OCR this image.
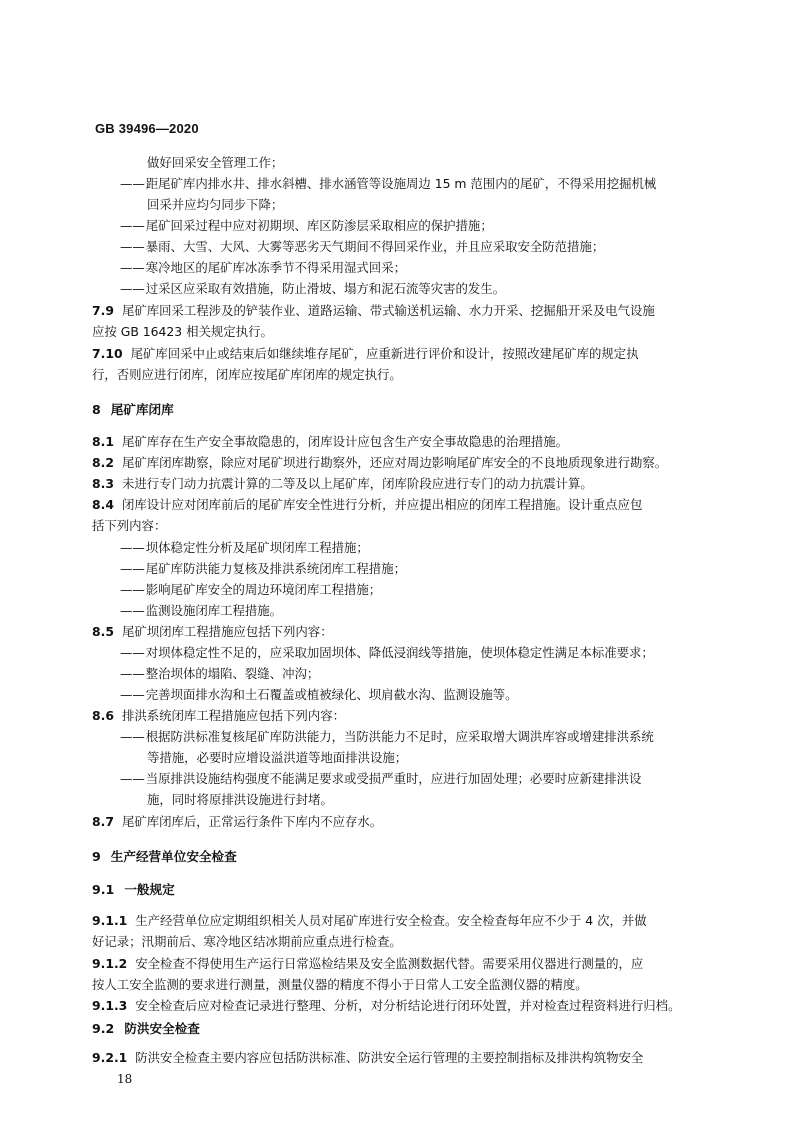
GB 39496—2020
做好回采安全管理工作；
——距尾矿库内排水井、排水斜槽、排水涵管等设施周边 15 m 范围内的尾矿，不得采用挖掘机械
回采并应均匀同步下降；
——尾矿回采过程中应对初期坝、库区防渗层采取相应的保护措施；
——暴雨、大雪、大风、大雾等恶劣天气期间不得回采作业，并且应采取安全防范措施；
——寒冷地区的尾矿库冰冻季节不得采用湿式回采；
——过采区应采取有效措施，防止滑坡、塌方和泥石流等灾害的发生。
7.9 尾矿库回采工程涉及的铲装作业、道路运输、带式输送机运输、水力开采、挖掘船开采及电气设施
应按 GB 16423 相关规定执行。
7.10 尾矿库回采中止或结束后如继续堆存尾矿，应重新进行评价和设计，按照改建尾矿库的规定执
行，否则应进行闭库，闭库应按尾矿库闭库的规定执行。
8 尾矿库闭库
8.1 尾矿库存在生产安全事故隐患的，闭库设计应包含生产安全事故隐患的治理措施。
8.2 尾矿库闭库勘察，除应对尾矿坝进行勘察外，还应对周边影响尾矿库安全的不良地质现象进行勘察。
8.3 未进行专门动力抗震计算的二等及以上尾矿库，闭库阶段应进行专门的动力抗震计算。
8.4 闭库设计应对闭库前后的尾矿库安全性进行分析，并应提出相应的闭库工程措施。设计重点应包
括下列内容：
——坝体稳定性分析及尾矿坝闭库工程措施；
——尾矿库防洪能力复核及排洪系统闭库工程措施；
——影响尾矿库安全的周边环境闭库工程措施；
——监测设施闭库工程措施。
8.5 尾矿坝闭库工程措施应包括下列内容：
——对坝体稳定性不足的，应采取加固坝体、降低浸润线等措施，使坝体稳定性满足本标准要求；
——整治坝体的塌陷、裂缝、冲沟；
——完善坝面排水沟和土石覆盖或植被绿化、坝肩截水沟、监测设施等。
8.6 排洪系统闭库工程措施应包括下列内容：
——根据防洪标准复核尾矿库防洪能力，当防洪能力不足时，应采取增大调洪库容或增建排洪系统
等措施，必要时应增设溢洪道等地面排洪设施；
——当原排洪设施结构强度不能满足要求或受损严重时，应进行加固处理；必要时应新建排洪设
施，同时将原排洪设施进行封堵。
8.7 尾矿库闭库后，正常运行条件下库内不应存水。
9 生产经营单位安全检查
9.1 一般规定
9.1.1 生产经营单位应定期组织相关人员对尾矿库进行安全检查。安全检查每年应不少于 4 次，并做
好记录；汛期前后、寒冷地区结冰期前应重点进行检查。
9.1.2 安全检查不得使用生产运行日常巡检结果及安全监测数据代替。需要采用仪器进行测量的，应
按人工安全监测的要求进行测量，测量仪器的精度不得小于日常人工安全监测仪器的精度。
9.1.3 安全检查后应对检查记录进行整理、分析，对分析结论进行闭环处置，并对检查过程资料进行归档。
18
9.2 防洪安全检查
9.2.1 防洪安全检查主要内容应包括防洪标准、防洪安全运行管理的主要控制指标及排洪构筑物安全
